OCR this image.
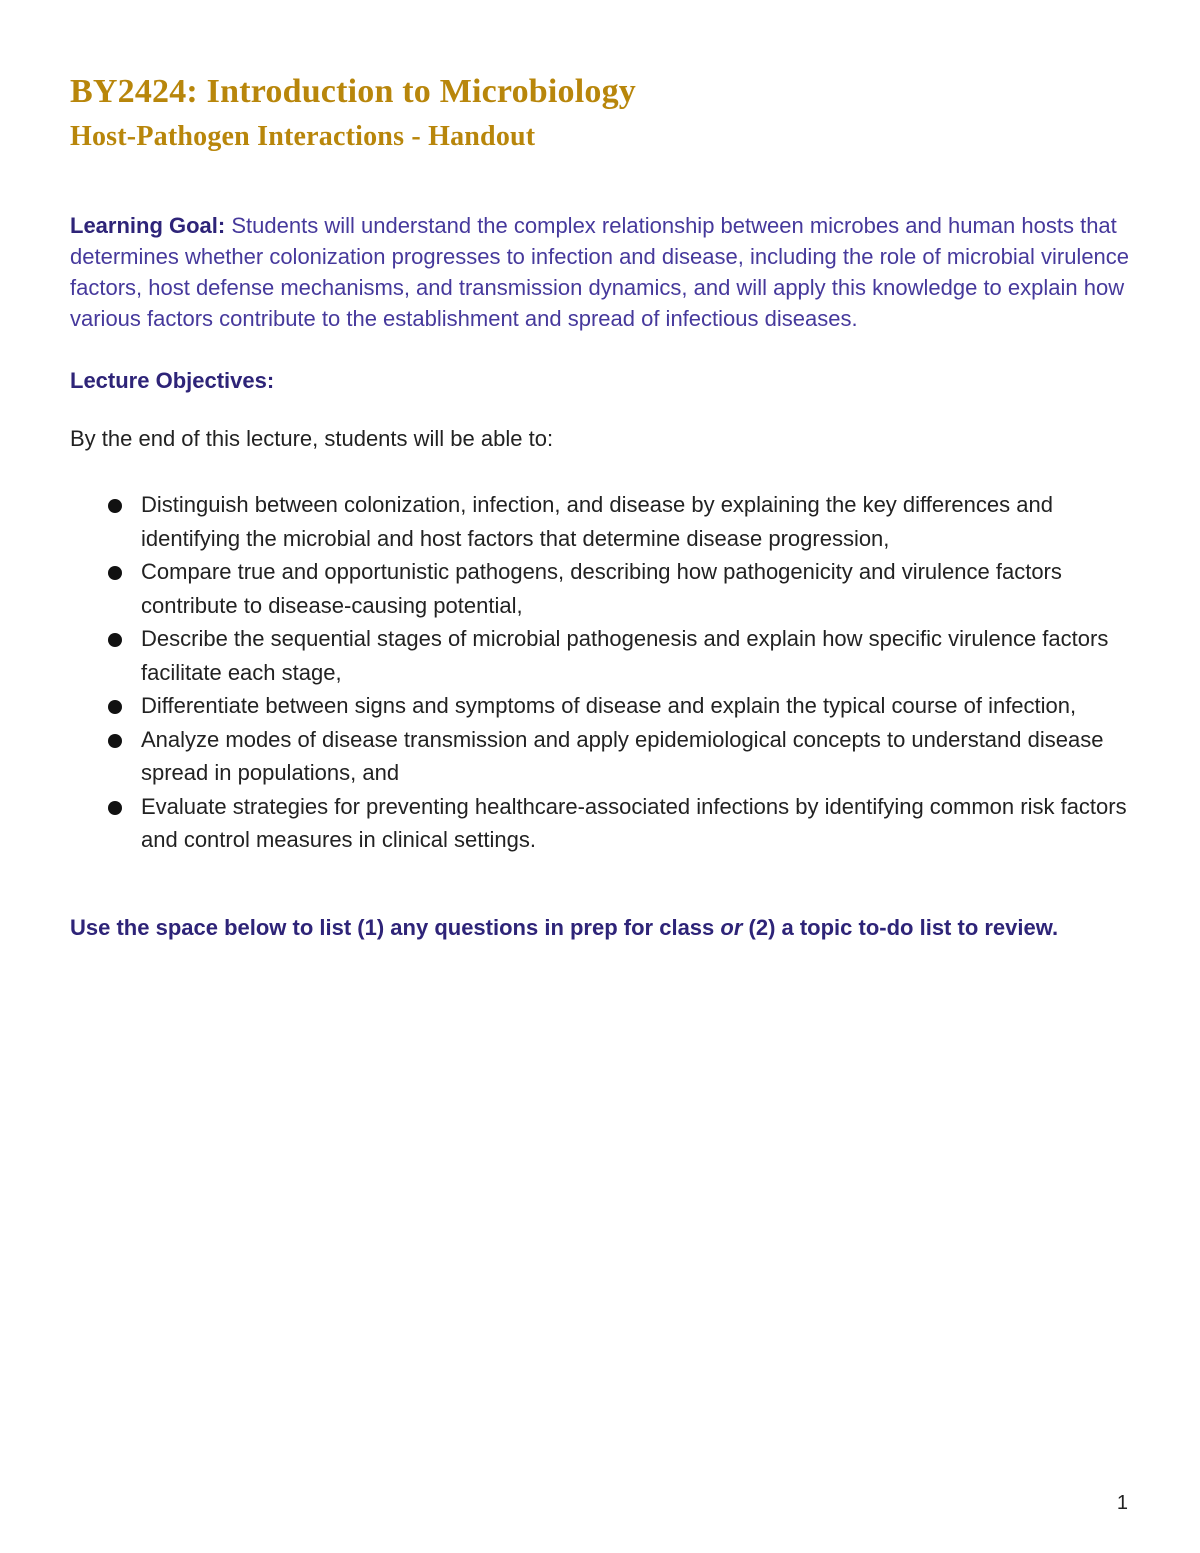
BY2424: Introduction to Microbiology
Host-Pathogen Interactions - Handout
Learning Goal: Students will understand the complex relationship between microbes and human hosts that determines whether colonization progresses to infection and disease, including the role of microbial virulence factors, host defense mechanisms, and transmission dynamics, and will apply this knowledge to explain how various factors contribute to the establishment and spread of infectious diseases.
Lecture Objectives:
By the end of this lecture, students will be able to:
Distinguish between colonization, infection, and disease by explaining the key differences and identifying the microbial and host factors that determine disease progression,
Compare true and opportunistic pathogens, describing how pathogenicity and virulence factors contribute to disease-causing potential,
Describe the sequential stages of microbial pathogenesis and explain how specific virulence factors facilitate each stage,
Differentiate between signs and symptoms of disease and explain the typical course of infection,
Analyze modes of disease transmission and apply epidemiological concepts to understand disease spread in populations, and
Evaluate strategies for preventing healthcare-associated infections by identifying common risk factors and control measures in clinical settings.
Use the space below to list (1) any questions in prep for class or (2) a topic to-do list to review.
1
